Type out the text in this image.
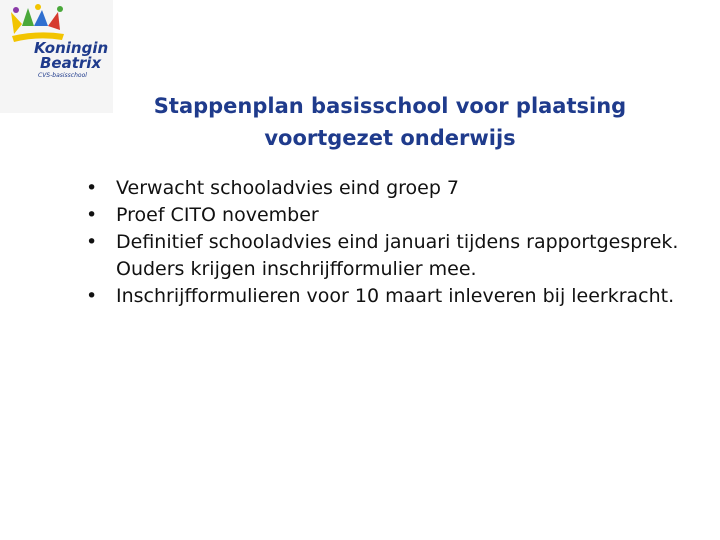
Koningin
Beatrix
CVS-basisschool
Stappenplan basisschool voor plaatsing voortgezet onderwijs
• Verwacht schooladvies eind groep 7
• Proef CITO november
• Definitief schooladvies eind januari tijdens rapportgesprek. Ouders krijgen inschrijfformulier mee.
• Inschrijfformulieren voor 10 maart inleveren bij leerkracht.
